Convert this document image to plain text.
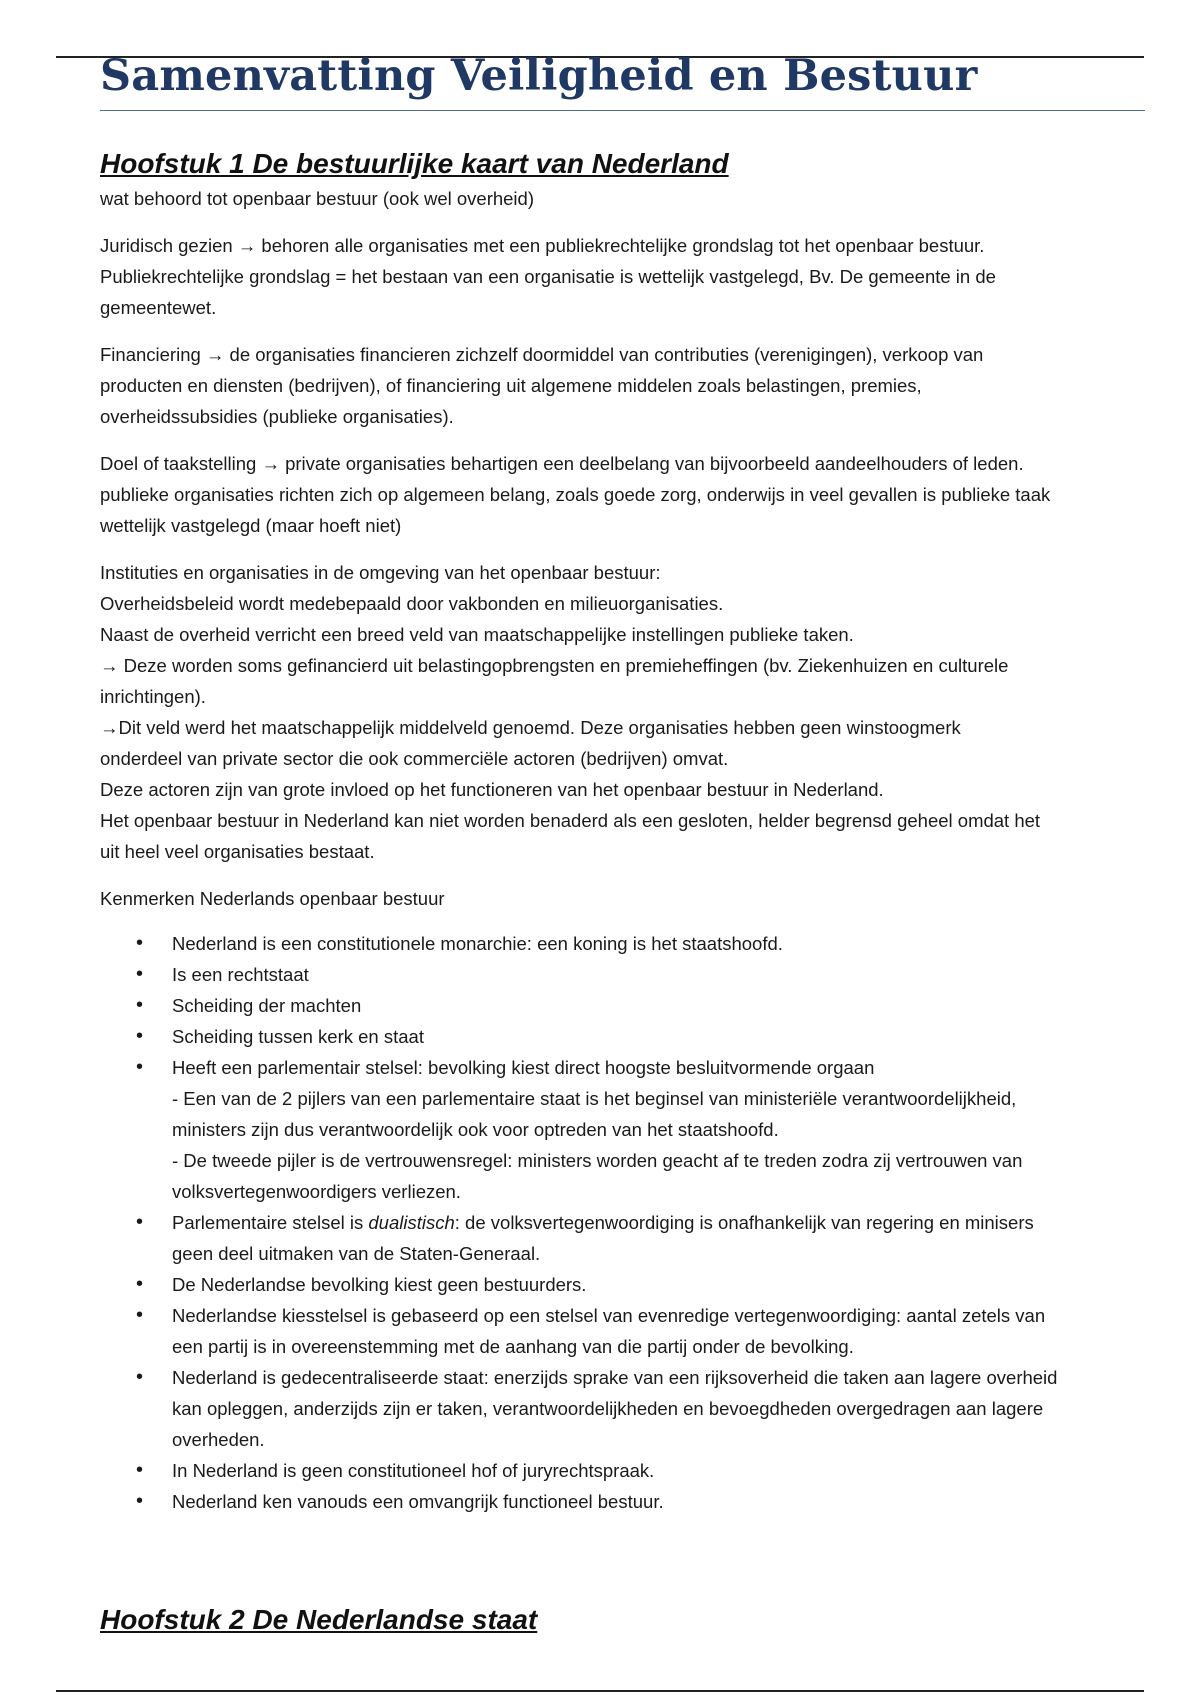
Samenvatting Veiligheid en Bestuur
Hoofstuk 1 De bestuurlijke kaart van Nederland

wat behoord tot openbaar bestuur (ook wel overheid)

Juridisch gezien → behoren alle organisaties met een publiekrechtelijke grondslag tot het openbaar bestuur.
Publiekrechtelijke grondslag = het bestaan van een organisatie is wettelijk vastgelegd, Bv. De gemeente in de
gemeentewet.
Financiering → de organisaties financieren zichzelf doormiddel van contributies (verenigingen), verkoop van
producten en diensten (bedrijven), of financiering uit algemene middelen zoals belastingen, premies,
overheidssubsidies (publieke organisaties).
Doel of taakstelling → private organisaties behartigen een deelbelang van bijvoorbeeld aandeelhouders of leden.
publieke organisaties richten zich op algemeen belang, zoals goede zorg, onderwijs in veel gevallen is publieke taak
wettelijk vastgelegd (maar hoeft niet)
Instituties en organisaties in de omgeving van het openbaar bestuur:
Overheidsbeleid wordt medebepaald door vakbonden en milieuorganisaties.
Naast de overheid verricht een breed veld van maatschappelijke instellingen publieke taken.
→ Deze worden soms gefinancierd uit belastingopbrengsten en premieheffingen (bv. Ziekenhuizen en culturele
inrichtingen).
→Dit veld werd het maatschappelijk middelveld genoemd. Deze organisaties hebben geen winstoogmerk
onderdeel van private sector die ook commerciële actoren (bedrijven) omvat.
Deze actoren zijn van grote invloed op het functioneren van het openbaar bestuur in Nederland.
Het openbaar bestuur in Nederland kan niet worden benaderd als een gesloten, helder begrensd geheel omdat het
uit heel veel organisaties bestaat.

Kenmerken Nederlands openbaar bestuur

• Nederland is een constitutionele monarchie: een koning is het staatshoofd.
• Is een rechtstaat
• Scheiding der machten
• Scheiding tussen kerk en staat
• Heeft een parlementair stelsel: bevolking kiest direct hoogste besluitvormende orgaan
- Een van de 2 pijlers van een parlementaire staat is het beginsel van ministeriële verantwoordelijkheid,
ministers zijn dus verantwoordelijk ook voor optreden van het staatshoofd.
- De tweede pijler is de vertrouwensregel: ministers worden geacht af te treden zodra zij vertrouwen van
volksvertegenwoordigers verliezen.
• Parlementaire stelsel is dualistisch: de volksvertegenwoordiging is onafhankelijk van regering en minisers
geen deel uitmaken van de Staten-Generaal.
• De Nederlandse bevolking kiest geen bestuurders.
• Nederlandse kiesstelsel is gebaseerd op een stelsel van evenredige vertegenwoordiging: aantal zetels van
een partij is in overeenstemming met de aanhang van die partij onder de bevolking.
• Nederland is gedecentraliseerde staat: enerzijds sprake van een rijksoverheid die taken aan lagere overheid
kan opleggen, anderzijds zijn er taken, verantwoordelijkheden en bevoegdheden overgedragen aan lagere
overheden.
• In Nederland is geen constitutioneel hof of juryrechtspraak.
• Nederland ken vanouds een omvangrijk functioneel bestuur.
Hoofstuk 2 De Nederlandse staat
